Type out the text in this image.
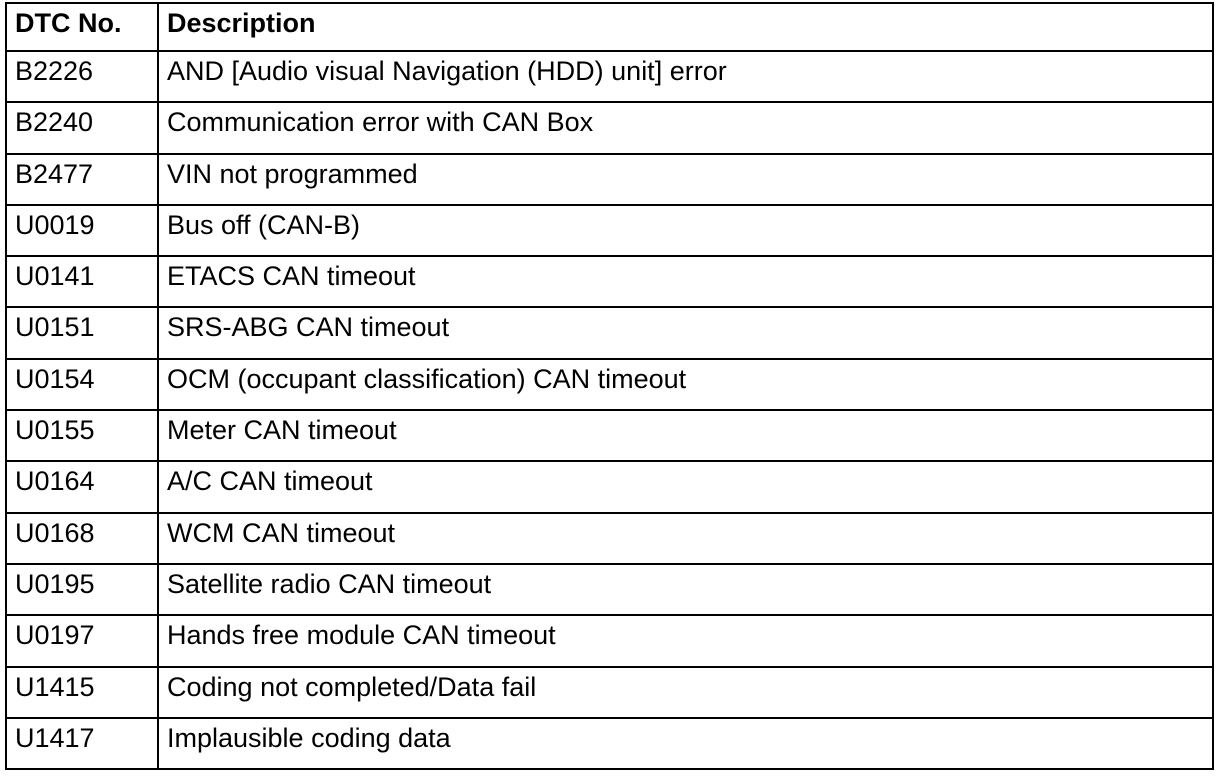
DTC No.	Description
B2226	AND [Audio visual Navigation (HDD) unit] error
B2240	Communication error with CAN Box
B2477	VIN not programmed
U0019	Bus off (CAN-B)
U0141	ETACS CAN timeout
U0151	SRS-ABG CAN timeout
U0154	OCM (occupant classification) CAN timeout
U0155	Meter CAN timeout
U0164	A/C CAN timeout
U0168	WCM CAN timeout
U0195	Satellite radio CAN timeout
U0197	Hands free module CAN timeout
U1415	Coding not completed/Data fail
U1417	Implausible coding data
